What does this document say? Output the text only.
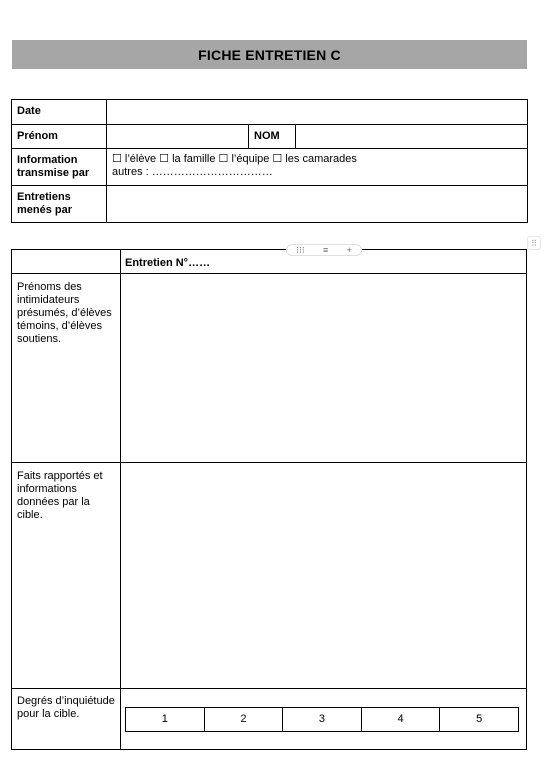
FICHE ENTRETIEN C
Date			
Prénom		NOM	
Information transmise par	☐ l’élève ☐ la famille ☐ l’équipe ☐ les camarades
autres : ……………………………		

Entretiens menés par			
	Entretien N°……
Prénoms des intimidateurs présumés, d’élèves témoins, d’élèves soutiens.	
Faits rapportés et informations données par la cible.	
Degrés d’inquiétude pour la cible.	1 2 3 4 5
⁝⁝⁝ ≡ +
⠿
